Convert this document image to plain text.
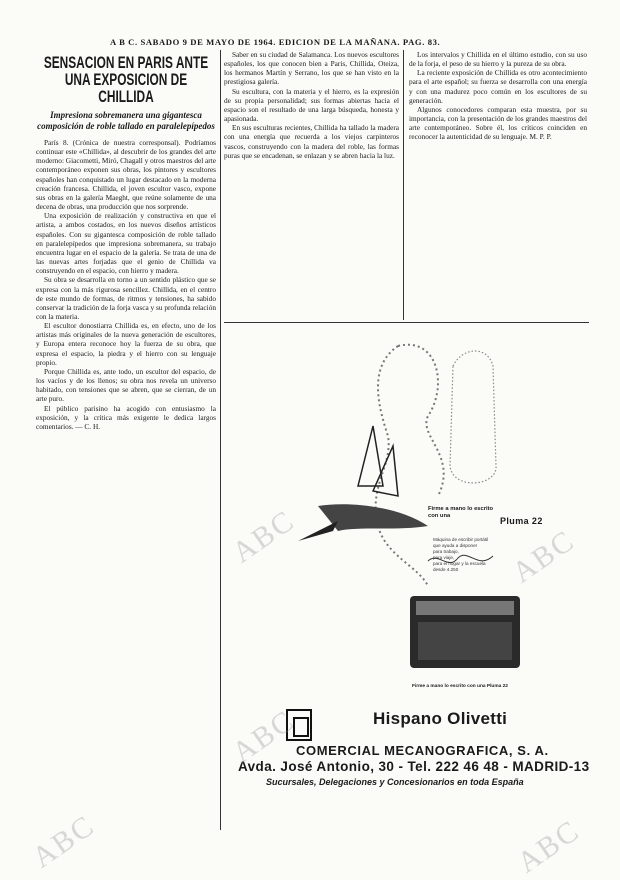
A B C. SABADO 9 DE MAYO DE 1964. EDICION DE LA MAÑANA. PAG. 83.
SENSACION EN PARIS ANTE
UNA EXPOSICION DE
CHILLIDA
Impresiona sobremanera una gigantesca composición de roble tallado en paralelepípedos

París 8. (Crónica de nuestra corresponsal). Podríamos continuar este «Chillida», al descubrir de los grandes del arte moderno: Giacometti, Miró, Chagall y otros maestros del arte contemporáneo exponen sus obras, los pintores y escultores españoles han conquistado un lugar destacado en la moderna creación francesa. Chillida, el joven escultor vasco, expone sus obras en la galería Maeght, que reúne solamente de una decena de obras, una producción que nos sorprende.

Una exposición de realización y constructiva en que el artista, a ambos costados, en los nuevos diseños artísticos españoles. Con su gigantesca composición de roble tallado en paralelepípedos que impresiona sobremanera, su trabajo encuentra lugar en el espacio de la galería. Se trata de una de las nuevas artes forjadas que el genio de Chillida va construyendo en el espacio, con hierro y madera.

Su obra se desarrolla en torno a un sentido plástico que se expresa con la más rigurosa sencillez. Chillida, en el centro de este mundo de formas, de ritmos y tensiones, ha sabido conservar la tradición de la forja vasca y su profunda relación con la materia.

El escultor donostiarra Chillida es, en efecto, uno de los artistas más originales de la nueva generación de escultores, y Europa entera reconoce hoy la fuerza de su obra, que expresa el espacio, la piedra y el hierro con su lenguaje propio.

Porque Chillida es, ante todo, un escultor del espacio, de los vacíos y de los llenos; su obra nos revela un universo habitado, con tensiones que se abren, que se cierran, de un arte puro.

El público parisino ha acogido con entusiasmo la exposición, y la crítica más exigente le dedica largos comentarios. — C. H.

Saber en su ciudad de Salamanca. Los nuevos escultores españoles, los que conocen bien a Paris, Chillida, Oteiza, los hermanos Martín y Serrano, los que se han visto en la prestigiosa galería.

Su escultura, con la materia y el hierro, es la expresión de su propia personalidad; sus formas abiertas hacia el espacio son el resultado de una larga búsqueda, honesta y apasionada.

En sus esculturas recientes, Chillida ha tallado la madera con una energía que recuerda a los viejos carpinteros vascos, construyendo con la madera del roble, las formas puras que se encadenan, se enlazan y se abren hacia la luz.

Los intervalos y Chillida en el último estudio, con su uso de la forja, el peso de su hierro y la pureza de su obra.

La reciente exposición de Chillida es otro acontecimiento para el arte español; su fuerza se desarrolla con una energía y con una madurez poco común en los escultores de su generación.

Algunos conocedores comparan esta muestra, por su importancia, con la presentación de los grandes maestros del arte contemporáneo. Sobre él, los críticos coinciden en reconocer la autenticidad de su lenguaje. M. P. P.

Firme a mano lo escrito
con una	Pluma 22
Máquina de escribir portátil
que ayuda a disponer
para trabajo,
para viaje,
para el hogar y la escuela
desde 4.250
Firme a mano lo escrito con una Pluma 22
Hispano Olivetti
COMERCIAL MECANOGRAFICA, S. A.
Avda. José Antonio, 30 - Tel. 222 46 48 - MADRID-13
Sucursales, Delegaciones y Concesionarios en toda España
ABC
ABC
ABC
ABC
ABC
